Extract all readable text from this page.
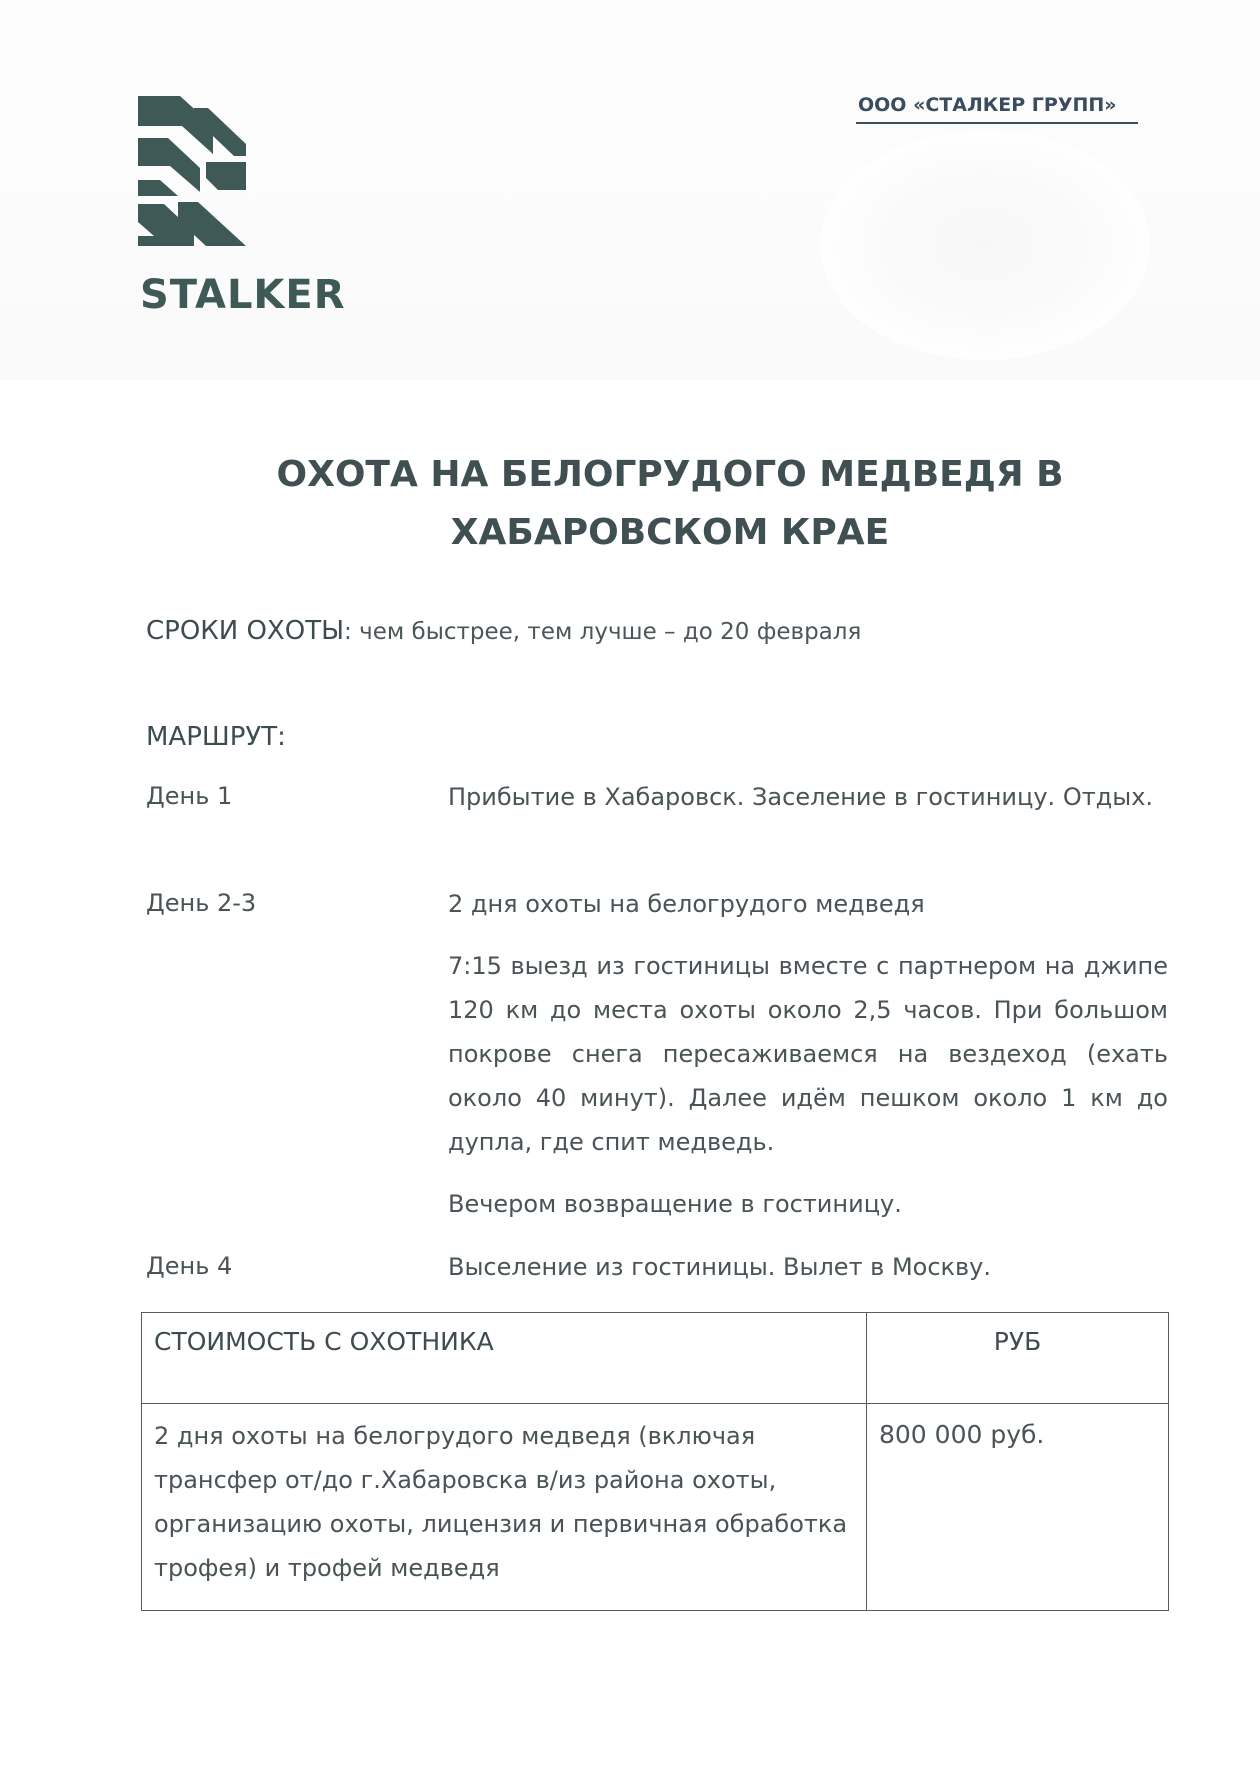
STALKER
ООО «СТАЛКЕР ГРУПП»
ОХОТА НА БЕЛОГРУДОГО МЕДВЕДЯ В
ХАБАРОВСКОМ КРАЕ
СРОКИ ОХОТЫ: чем быстрее, тем лучше – до 20 февраля
МАРШРУТ:
День 1	Прибытие в Хабаровск. Заселение в гостиницу. Отдых.
День 2-3	2 дня охоты на белогрудого медведя
7:15 выезд из гостиницы вместе с партнером на джипе 120 км до места охоты около 2,5 часов. При большом покрове снега пересаживаемся на вездеход (ехать около 40 минут). Далее идём пешком около 1 км до дупла, где спит медведь.
Вечером возвращение в гостиницу.
День 4	Выселение из гостиницы. Вылет в Москву.
СТОИМОСТЬ С ОХОТНИКА	РУБ
2 дня охоты на белогрудого медведя (включая трансфер от/до г.Хабаровска в/из района охоты, организацию охоты, лицензия и первичная обработка трофея) и трофей медведя	800 000 руб.
